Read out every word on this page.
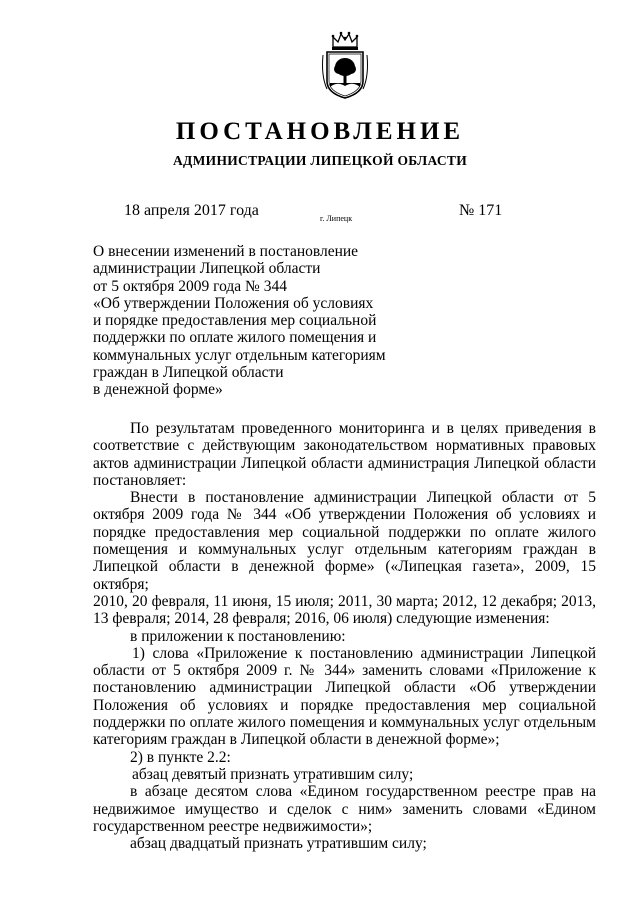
ПОСТАНОВЛЕНИЕ
АДМИНИСТРАЦИИ ЛИПЕЦКОЙ ОБЛАСТИ
18 апреля 2017 года	г. Липецк	№ 171
О внесении изменений в постановление
администрации Липецкой области
от 5 октября 2009 года № 344
«Об утверждении Положения об условиях
и порядке предоставления мер социальной
поддержки по оплате жилого помещения и
коммунальных услуг отдельным категориям
граждан в Липецкой области
в денежной форме»
По результатам проведенного мониторинга и в целях приведения в
соответствие с действующим законодательством нормативных правовых
актов администрации Липецкой области администрация Липецкой области
постановляет:
Внести в постановление администрации Липецкой области от 5
октября 2009 года № 344 «Об утверждении Положения об условиях и
порядке предоставления мер социальной поддержки по оплате жилого
помещения и коммунальных услуг отдельным категориям граждан в
Липецкой области в денежной форме» («Липецкая газета», 2009, 15 октября;
2010, 20 февраля, 11 июня, 15 июля; 2011, 30 марта; 2012, 12 декабря; 2013,
13 февраля; 2014, 28 февраля; 2016, 06 июля) следующие изменения:
в приложении к постановлению:
1) слова «Приложение к постановлению администрации Липецкой
области от 5 октября 2009 г. № 344» заменить словами «Приложение к
постановлению администрации Липецкой области «Об утверждении
Положения об условиях и порядке предоставления мер социальной
поддержки по оплате жилого помещения и коммунальных услуг отдельным
категориям граждан в Липецкой области в денежной форме»;
2) в пункте 2.2:
абзац девятый признать утратившим силу;
в абзаце десятом слова «Едином государственном реестре прав на
недвижимое имущество и сделок с ним» заменить словами «Едином
государственном реестре недвижимости»;
абзац двадцатый признать утратившим силу;
